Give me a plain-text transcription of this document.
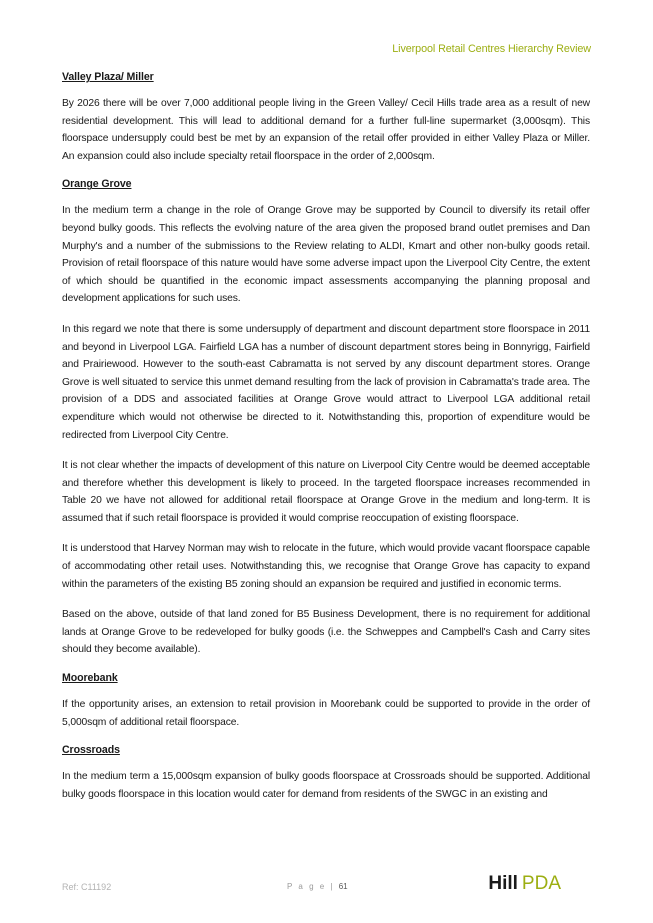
Liverpool Retail Centres Hierarchy Review

Valley Plaza/ Miller

By 2026 there will be over 7,000 additional people living in the Green Valley/ Cecil Hills trade area as a result of new residential development. This will lead to additional demand for a further full-line supermarket (3,000sqm). This floorspace undersupply could best be met by an expansion of the retail offer provided in either Valley Plaza or Miller. An expansion could also include specialty retail floorspace in the order of 2,000sqm.

Orange Grove

In the medium term a change in the role of Orange Grove may be supported by Council to diversify its retail offer beyond bulky goods. This reflects the evolving nature of the area given the proposed brand outlet premises and Dan Murphy's and a number of the submissions to the Review relating to ALDI, Kmart and other non-bulky goods retail. Provision of retail floorspace of this nature would have some adverse impact upon the Liverpool City Centre, the extent of which should be quantified in the economic impact assessments accompanying the planning proposal and development applications for such uses.

In this regard we note that there is some undersupply of department and discount department store floorspace in 2011 and beyond in Liverpool LGA. Fairfield LGA has a number of discount department stores being in Bonnyrigg, Fairfield and Prairiewood. However to the south-east Cabramatta is not served by any discount department stores. Orange Grove is well situated to service this unmet demand resulting from the lack of provision in Cabramatta's trade area. The provision of a DDS and associated facilities at Orange Grove would attract to Liverpool LGA additional retail expenditure which would not otherwise be directed to it. Notwithstanding this, proportion of expenditure would be redirected from Liverpool City Centre.

It is not clear whether the impacts of development of this nature on Liverpool City Centre would be deemed acceptable and therefore whether this development is likely to proceed. In the targeted floorspace increases recommended in Table 20 we have not allowed for additional retail floorspace at Orange Grove in the medium and long-term. It is assumed that if such retail floorspace is provided it would comprise reoccupation of existing floorspace.

It is understood that Harvey Norman may wish to relocate in the future, which would provide vacant floorspace capable of accommodating other retail uses. Notwithstanding this, we recognise that Orange Grove has capacity to expand within the parameters of the existing B5 zoning should an expansion be required and justified in economic terms.

Based on the above, outside of that land zoned for B5 Business Development, there is no requirement for additional lands at Orange Grove to be redeveloped for bulky goods (i.e. the Schweppes and Campbell's Cash and Carry sites should they become available).

Moorebank

If the opportunity arises, an extension to retail provision in Moorebank could be supported to provide in the order of 5,000sqm of additional retail floorspace.

Crossroads

In the medium term a 15,000sqm expansion of bulky goods floorspace at Crossroads should be supported. Additional bulky goods floorspace in this location would cater for demand from residents of the SWGC in an existing and

Ref: C11192	P a g e | 61	Hill PDA
